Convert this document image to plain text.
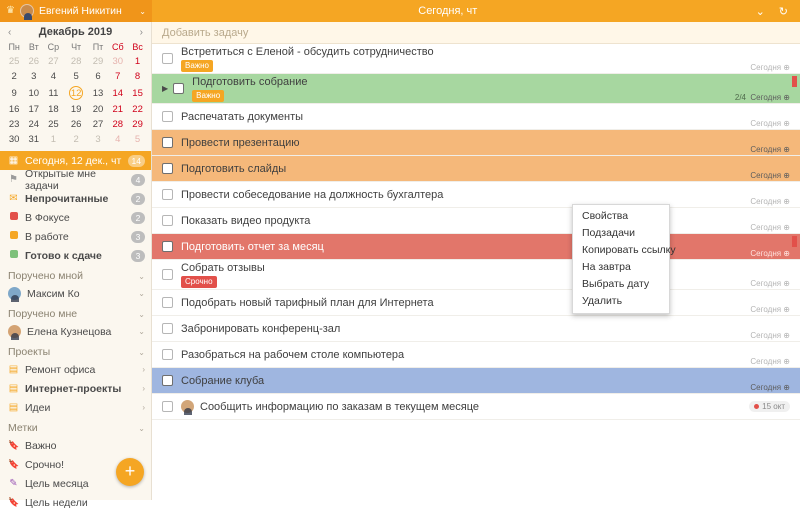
♛ Евгений Никитин ⌄	Сегодня, чт	⌄ ↻
‹ Декабрь 2019	›
Пн	Вт	Ср	Чт	Пт	Сб	Вс
25	26	27	28	29	30	1
2	3	4	5	6	7	8
9	10	11	12	13	14	15
16	17	18	19	20	21	22
23	24	25	26	27	28	29
30	31	1	2	3	4	5
▦ Сегодня, 12 дек., чт	14
⚑ Открытые мне задачи	4
✉ Непрочитанные	2
В Фокусе	2
В работе	3
Готово к сдаче	3
Поручено мной	⌄
Максим Ко	⌄
Поручено мне	⌄
Елена Кузнецова	⌄
Проекты	⌄
▤ Ремонт офиса	›
▤ Интернет-проекты	›
▤ Идеи	›
Метки	⌄
🔖 Важно
🔖 Срочно!
✎ Цель месяца
🔖 Цель недели
+
Добавить задачу
Встретиться с Еленой - обсудить сотрудничество
Важно	Сегодня ⊕
▶
Подготовить собрание
Важно	2/4 Сегодня ⊕
Распечатать документы
Сегодня ⊕
Провести презентацию
Сегодня ⊕
Подготовить слайды
Сегодня ⊕
Провести собеседование на должность бухгалтера
Сегодня ⊕
Показать видео продукта
Сегодня ⊕
Подготовить отчет за месяц
Сегодня ⊕
Собрать отзывы
Срочно	Сегодня ⊕
Подобрать новый тарифный план для Интернета
Сегодня ⊕
Забронировать конференц-зал
Сегодня ⊕
Разобраться на рабочем столе компьютера
Сегодня ⊕
Собрание клуба
Сегодня ⊕
Сообщить информацию по заказам в текущем месяце	15 окт
Свойства
Подзадачи
Копировать ссылку
На завтра
Выбрать дату
Удалить
